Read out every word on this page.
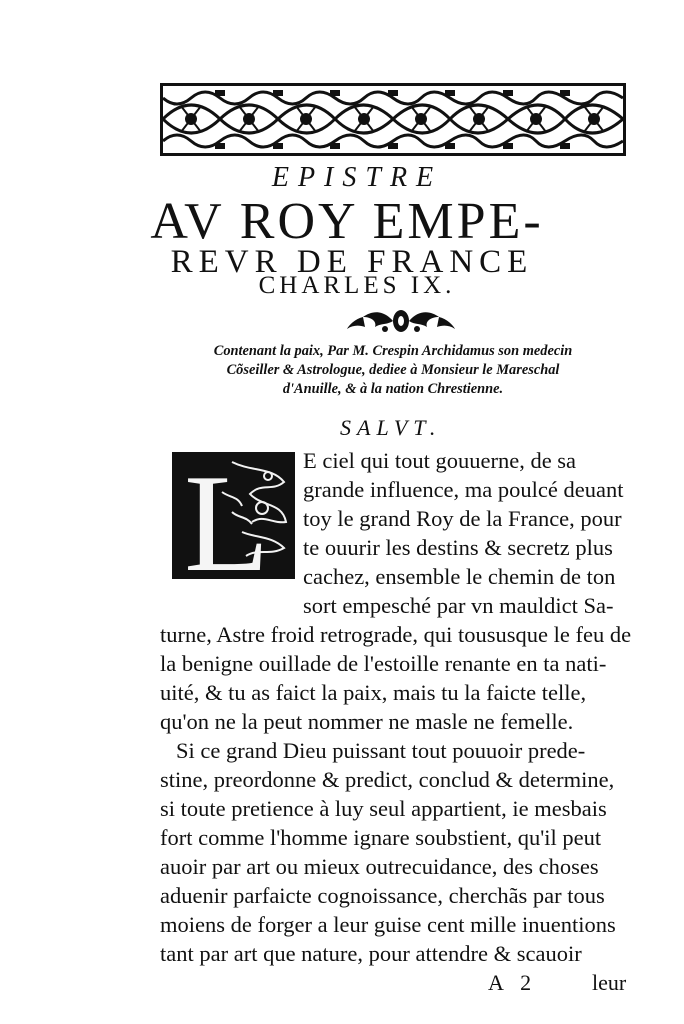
EPISTRE
AV ROY EMPE-
REVR DE FRANCE
CHARLES IX.
Contenant la paix, Par M. Crespin Archidamus son medecin
Cõseiller & Astrologue, dediee à Monsieur le Mareschal
d'Anuille, & à la nation Chrestienne.
SALVT.
L E ciel qui tout gouuerne, de sa
grande influence, ma poulcé deuant
toy le grand Roy de la France, pour
te ouurir les destins & secretz plus
cachez, ensemble le chemin de ton
sort empesché par vn mauldict Sa-
turne, Astre froid retrograde, qui toususque le feu de
la benigne ouillade de l'estoille renante en ta nati-
uité, & tu as faict la paix, mais tu la faicte telle,
qu'on ne la peut nommer ne masle ne femelle.
Si ce grand Dieu puissant tout pouuoir prede-
stine, preordonne & predict, conclud & determine,
si toute pretience à luy seul appartient, ie mesbais
fort comme l'homme ignare soubstient, qu'il peut
auoir par art ou mieux outrecuidance, des choses
aduenir parfaicte cognoissance, cherchãs par tous
moiens de forger a leur guise cent mille inuentions
tant par art que nature, pour attendre & scauoir
A 2 leur
